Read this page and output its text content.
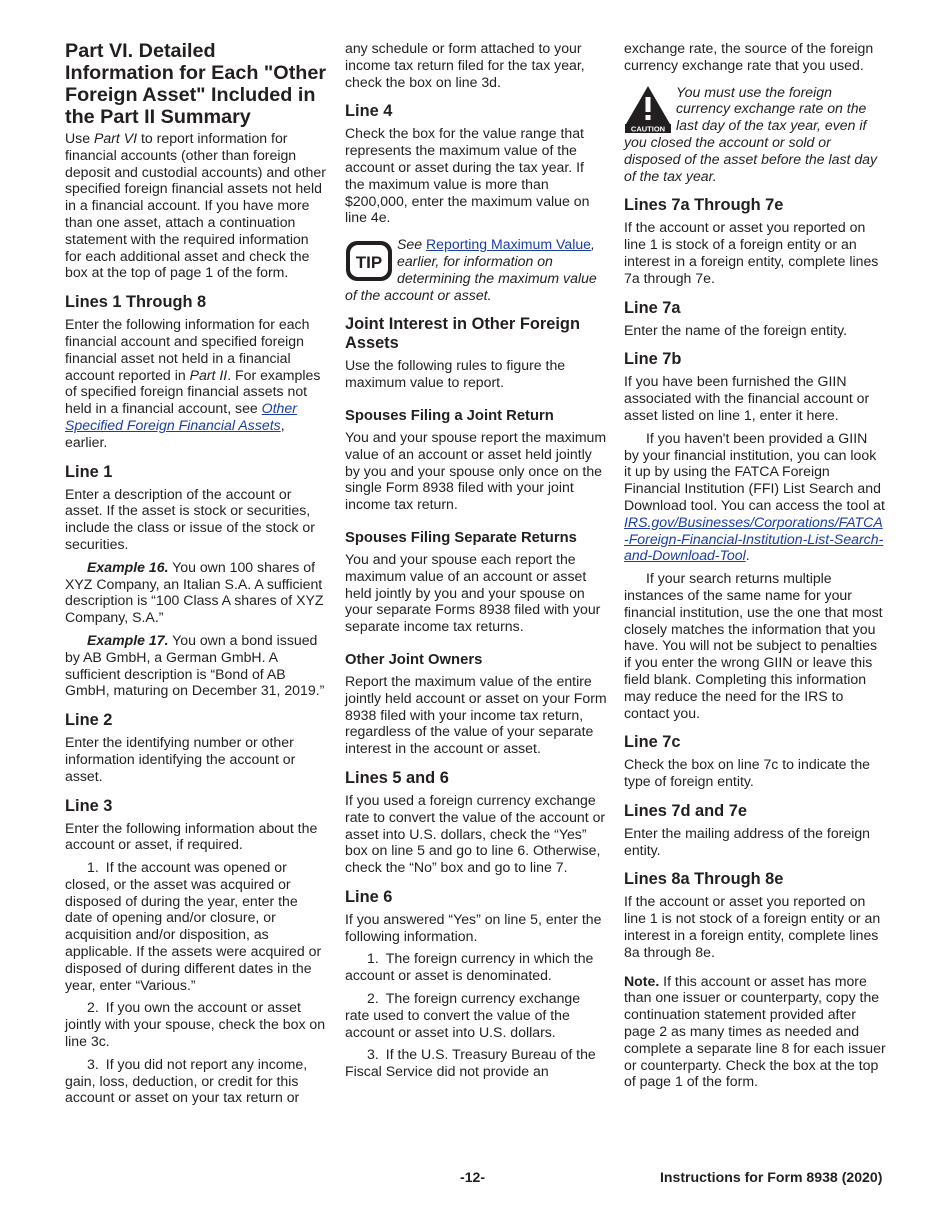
Part VI. Detailed Information for Each "Other Foreign Asset" Included in the Part II Summary

Use Part VI to report information for financial accounts (other than foreign deposit and custodial accounts) and other specified foreign financial assets not held in a financial account. If you have more than one asset, attach a continuation statement with the required information for each additional asset and check the box at the top of page 1 of the form.

Lines 1 Through 8

Enter the following information for each financial account and specified foreign financial asset not held in a financial account reported in Part II. For examples of specified foreign financial assets not held in a financial account, see Other Specified Foreign Financial Assets, earlier.

Line 1

Enter a description of the account or asset. If the asset is stock or securities, include the class or issue of the stock or securities.

Example 16. You own 100 shares of XYZ Company, an Italian S.A. A sufficient description is “100 Class A shares of XYZ Company, S.A.”

Example 17. You own a bond issued by AB GmbH, a German GmbH. A sufficient description is “Bond of AB GmbH, maturing on December 31, 2019.”

Line 2

Enter the identifying number or other information identifying the account or asset.

Line 3

Enter the following information about the account or asset, if required.

1. If the account was opened or closed, or the asset was acquired or disposed of during the year, enter the date of opening and/or closure, or acquisition and/or disposition, as applicable. If the assets were acquired or disposed of during different dates in the year, enter “Various.”

2. If you own the account or asset jointly with your spouse, check the box on line 3c.

3. If you did not report any income, gain, loss, deduction, or credit for this account or asset on your tax return or

any schedule or form attached to your income tax return filed for the tax year, check the box on line 3d.

Line 4

Check the box for the value range that represents the maximum value of the account or asset during the tax year. If the maximum value is more than $200,000, enter the maximum value on line 4e.

TIP

See Reporting Maximum Value, earlier, for information on determining the maximum value of the account or asset.

Joint Interest in Other Foreign Assets

Use the following rules to figure the maximum value to report.

Spouses Filing a Joint Return

You and your spouse report the maximum value of an account or asset held jointly by you and your spouse only once on the single Form 8938 filed with your joint income tax return.

Spouses Filing Separate Returns

You and your spouse each report the maximum value of an account or asset held jointly by you and your spouse on your separate Forms 8938 filed with your separate income tax returns.

Other Joint Owners

Report the maximum value of the entire jointly held account or asset on your Form 8938 filed with your income tax return, regardless of the value of your separate interest in the account or asset.

Lines 5 and 6

If you used a foreign currency exchange rate to convert the value of the account or asset into U.S. dollars, check the “Yes” box on line 5 and go to line 6. Otherwise, check the “No” box and go to line 7.

Line 6

If you answered “Yes” on line 5, enter the following information.

1. The foreign currency in which the account or asset is denominated.

2. The foreign currency exchange rate used to convert the value of the account or asset into U.S. dollars.

3. If the U.S. Treasury Bureau of the Fiscal Service did not provide an

exchange rate, the source of the foreign currency exchange rate that you used.

CAUTION

You must use the foreign currency exchange rate on the last day of the tax year, even if you closed the account or sold or disposed of the asset before the last day of the tax year.

Lines 7a Through 7e

If the account or asset you reported on line 1 is stock of a foreign entity or an interest in a foreign entity, complete lines 7a through 7e.

Line 7a

Enter the name of the foreign entity.

Line 7b

If you have been furnished the GIIN associated with the financial account or asset listed on line 1, enter it here.

If you haven't been provided a GIIN by your financial institution, you can look it up by using the FATCA Foreign Financial Institution (FFI) List Search and Download tool. You can access the tool at IRS.gov/Businesses/Corporations/FATCA-Foreign-Financial-Institution-List-Search-and-Download-Tool.

If your search returns multiple instances of the same name for your financial institution, use the one that most closely matches the information that you have. You will not be subject to penalties if you enter the wrong GIIN or leave this field blank. Completing this information may reduce the need for the IRS to contact you.

Line 7c

Check the box on line 7c to indicate the type of foreign entity.

Lines 7d and 7e

Enter the mailing address of the foreign entity.

Lines 8a Through 8e

If the account or asset you reported on line 1 is not stock of a foreign entity or an interest in a foreign entity, complete lines 8a through 8e.

Note. If this account or asset has more than one issuer or counterparty, copy the continuation statement provided after page 2 as many times as needed and complete a separate line 8 for each issuer or counterparty. Check the box at the top of page 1 of the form.

-12-	Instructions for Form 8938 (2020)
